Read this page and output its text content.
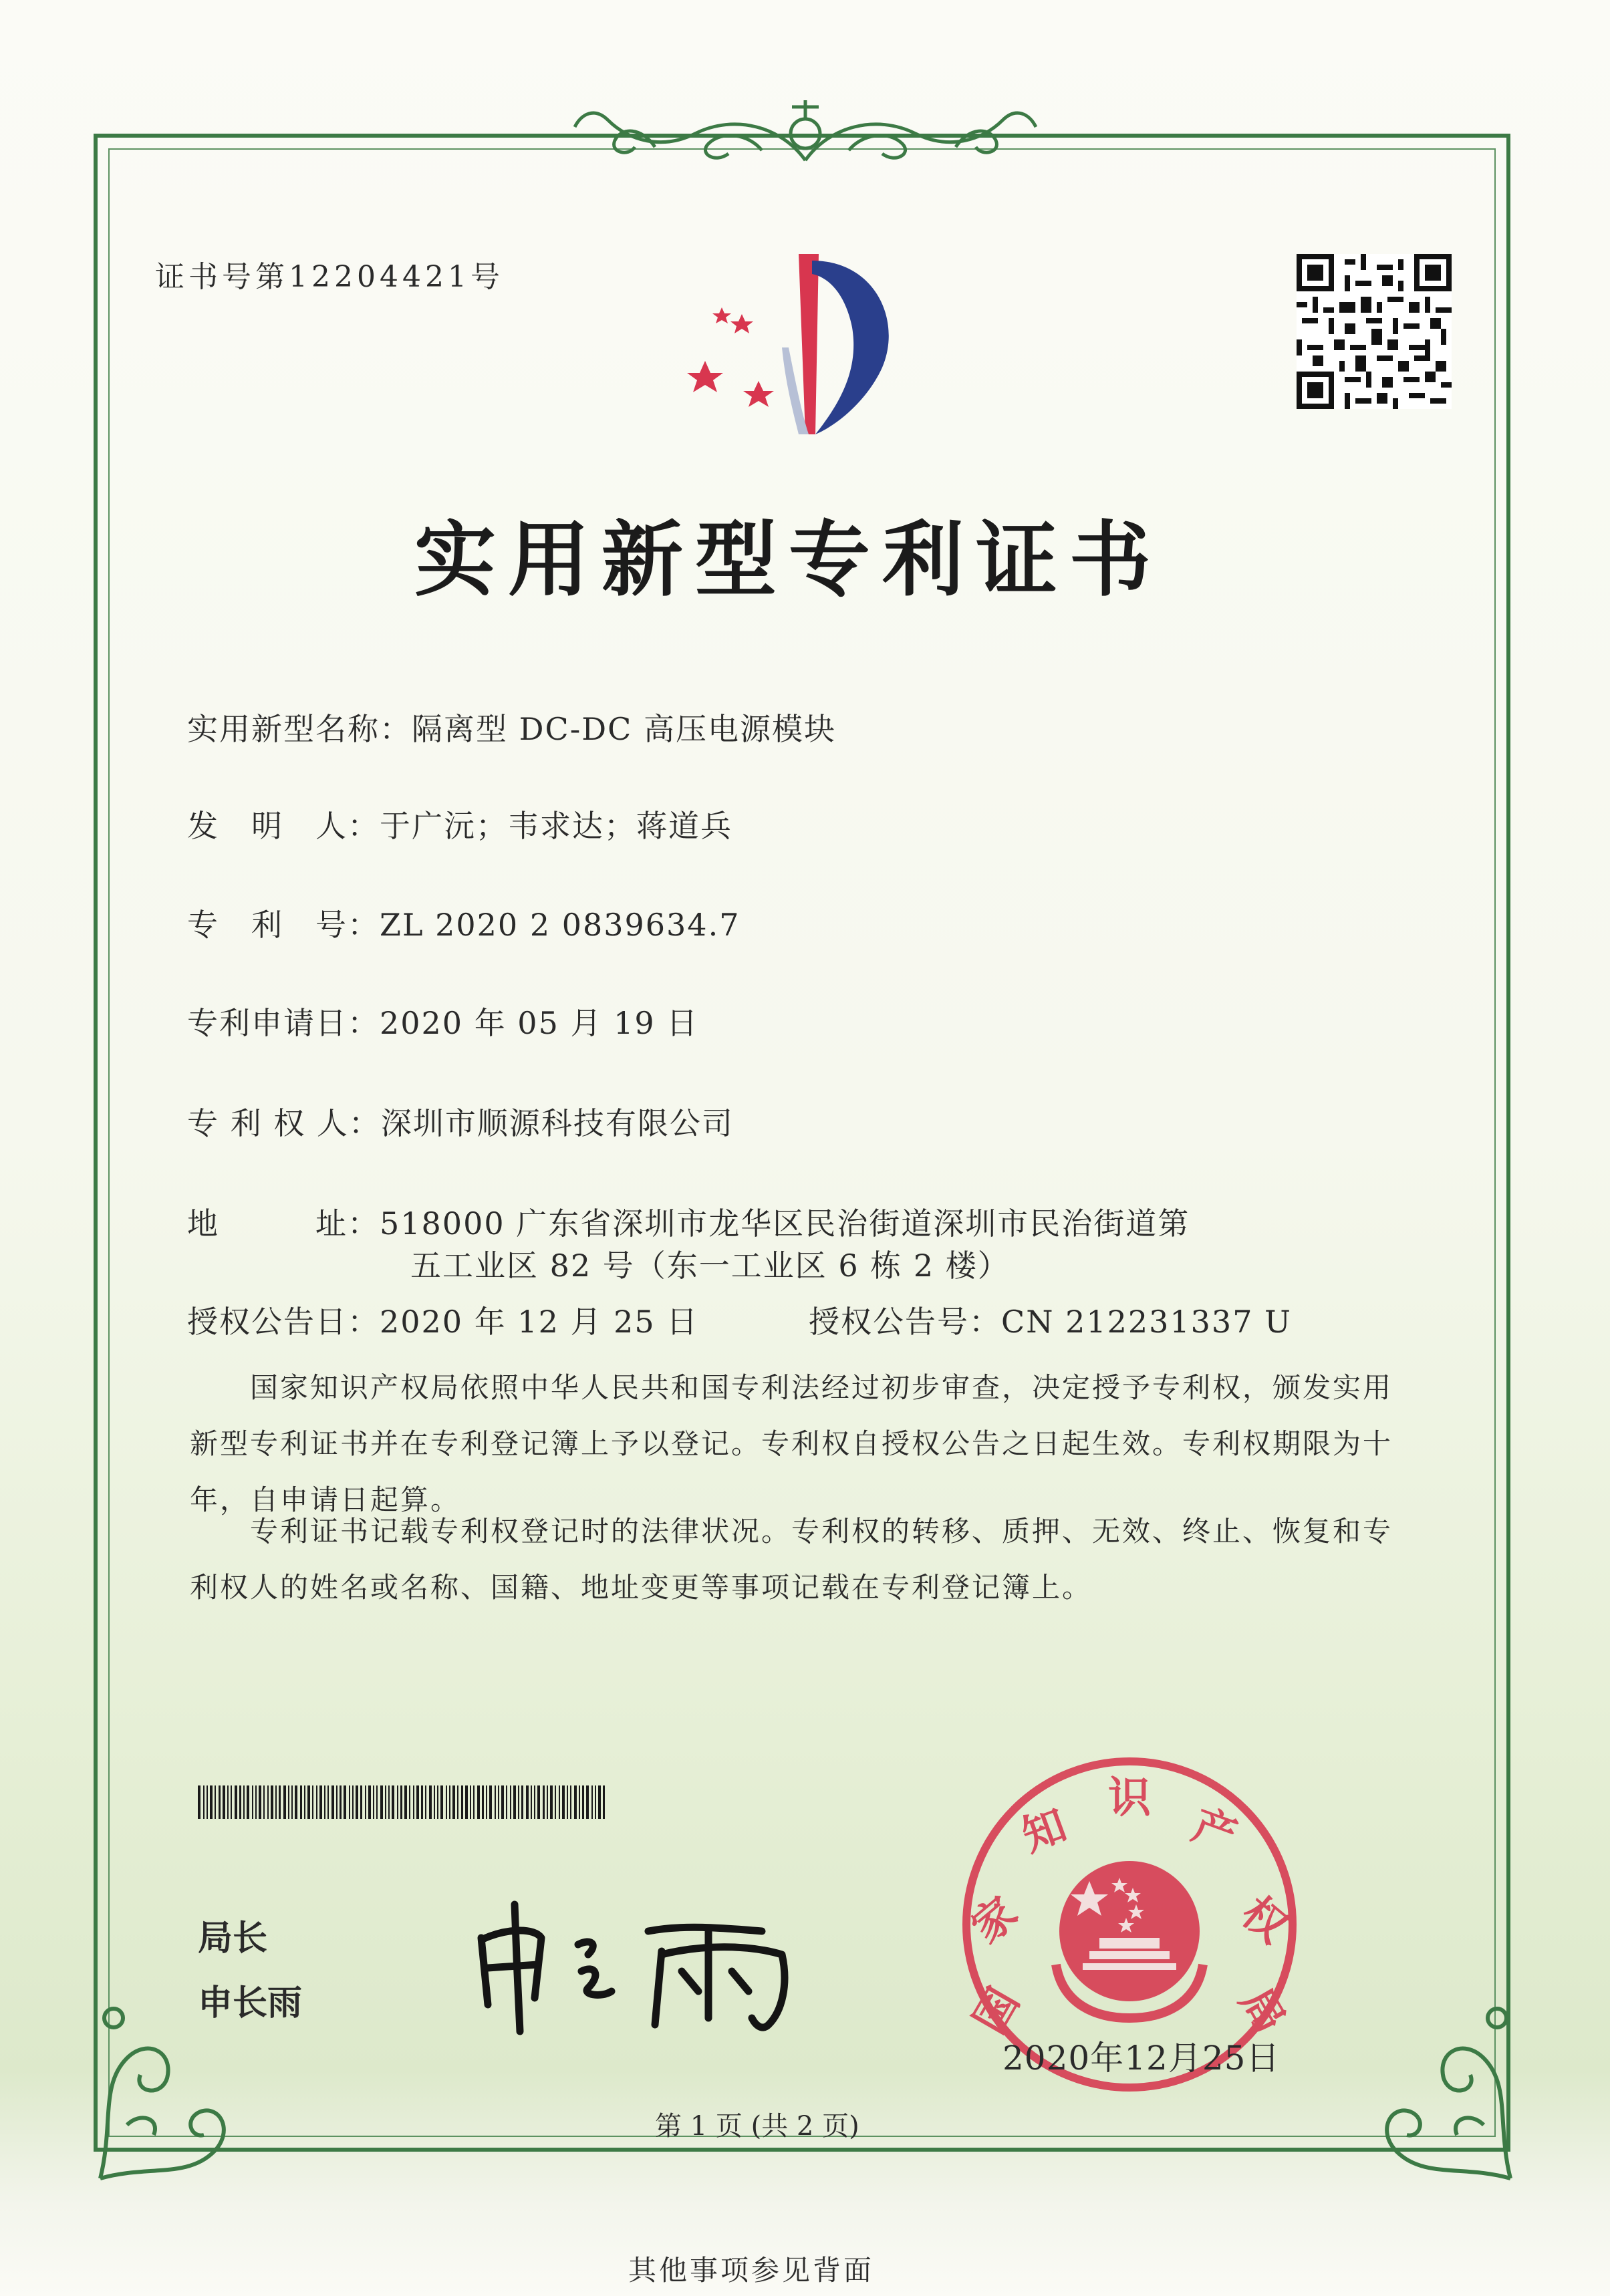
证书号第12204421号
实用新型专利证书
实用新型名称：隔离型 DC-DC 高压电源模块
发　明　人：于广沅；韦求达；蒋道兵
专　利　号：ZL 2020 2 0839634.7
专利申请日：2020 年 05 月 19 日
专 利 权 人：深圳市顺源科技有限公司
地　　　址：518000 广东省深圳市龙华区民治街道深圳市民治街道第
五工业区 82 号（东一工业区 6 栋 2 楼）
授权公告日：2020 年 12 月 25 日	授权公告号：CN 212231337 U
国家知识产权局依照中华人民共和国专利法经过初步审查，决定授予专利权，颁发实用
新型专利证书并在专利登记簿上予以登记。专利权自授权公告之日起生效。专利权期限为十
年，自申请日起算。
专利证书记载专利权登记时的法律状况。专利权的转移、质押、无效、终止、恢复和专
利权人的姓名或名称、国籍、地址变更等事项记载在专利登记簿上。
局长
申长雨	国
家
知
识
产
权
局
2020年12月25日
第 1 页 (共 2 页)
其他事项参见背面
